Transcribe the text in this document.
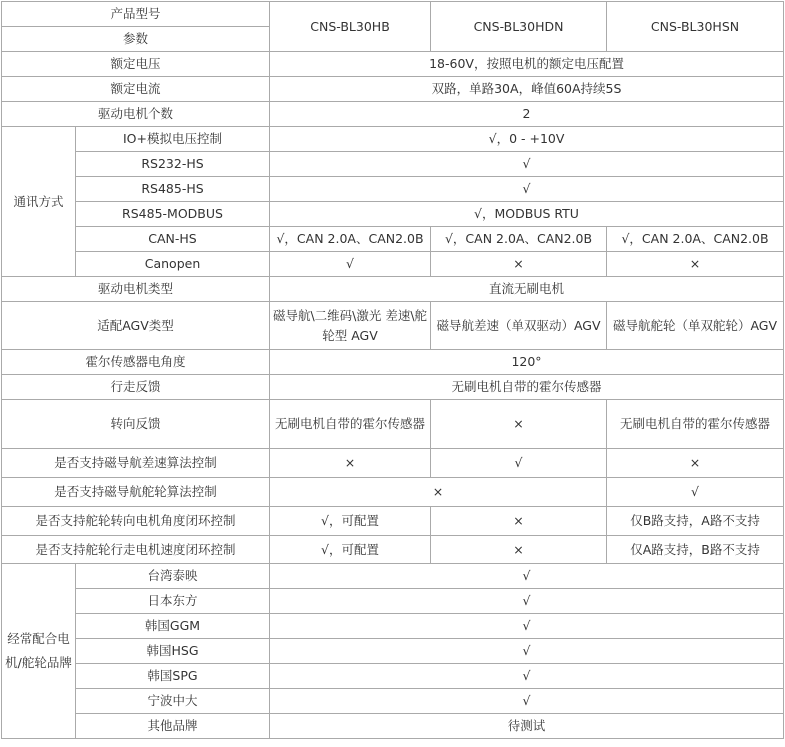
产品型号		CNS-BL30HB	CNS-BL30HDN	CNS-BL30HSN
参数				
额定电压		18-60V，按照电机的额定电压配置		
额定电流		双路，单路30A，峰值60A持续5S		
驱动电机个数		2		
通讯方式	IO+模拟电压控制	√，0 - +10V		
	RS232-HS	√		
	RS485-HS	√		
	RS485-MODBUS	√，MODBUS RTU		
	CAN-HS	√，CAN 2.0A、CAN2.0B	√，CAN 2.0A、CAN2.0B	√，CAN 2.0A、CAN2.0B
	Canopen	√	×	×
驱动电机类型		直流无刷电机		
适配AGV类型		磁导航\二维码\激光 差速\舵轮型 AGV	磁导航差速（单双驱动）AGV	磁导航舵轮（单双舵轮）AGV
霍尔传感器电角度		120°		
行走反馈		无刷电机自带的霍尔传感器		
转向反馈		无刷电机自带的霍尔传感器	×	无刷电机自带的霍尔传感器
是否支持磁导航差速算法控制		×	√	×
是否支持磁导航舵轮算法控制		×		√
是否支持舵轮转向电机角度闭环控制		√，可配置	×	仅B路支持，A路不支持
是否支持舵轮行走电机速度闭环控制		√，可配置	×	仅A路支持，B路不支持
经常配合电机/舵轮品牌	台湾泰映	√		
	日本东方	√		
	韩国GGM	√		
	韩国HSG	√		
	韩国SPG	√		
	宁波中大	√		
	其他品牌	待测试		
